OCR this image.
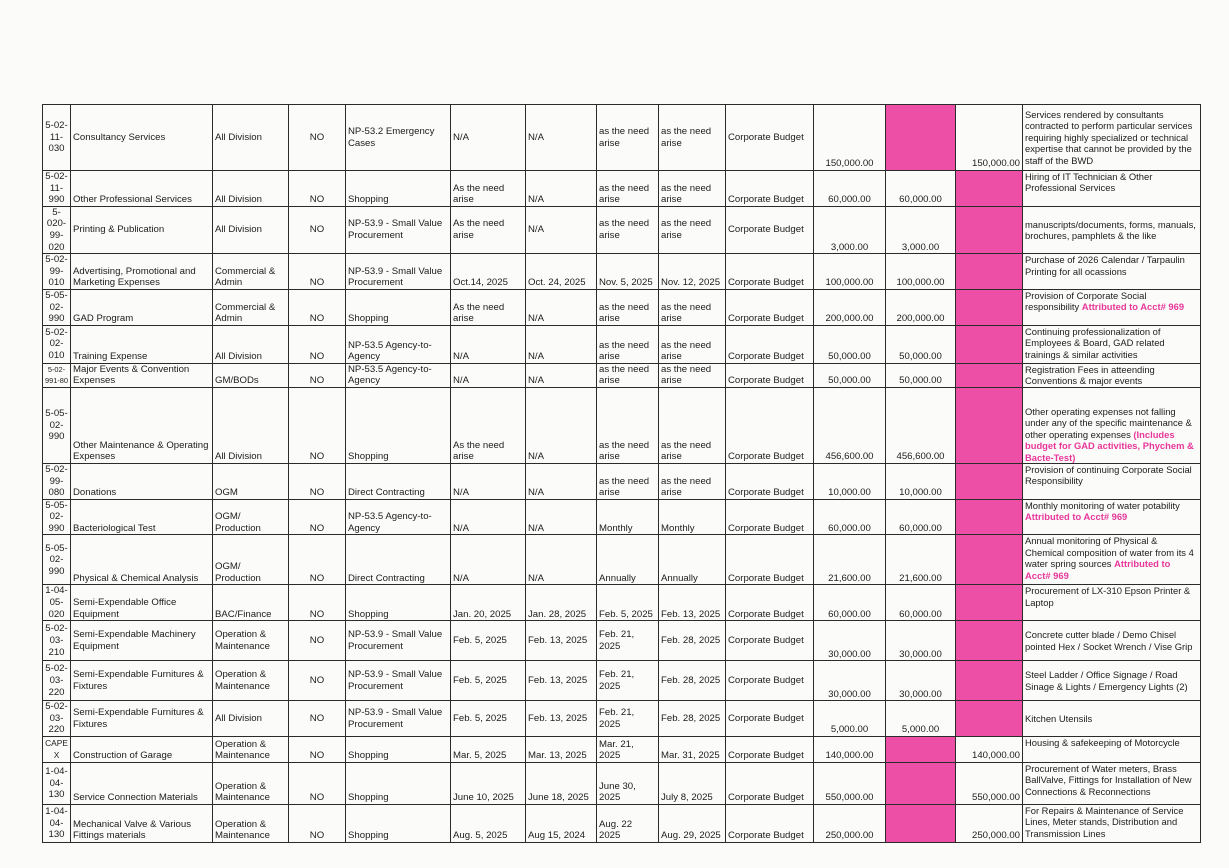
5-02-11-030	Consultancy Services	All Division	NO	NP-53.2 Emergency Cases	N/A	N/A	as the need arise	as the need arise	Corporate Budget	150,000.00		150,000.00	Services rendered by consultants contracted to perform particular services requiring highly specialized or technical expertise that cannot be provided by the staff of the BWD
5-02-11-990	Other Professional Services	All Division	NO	Shopping	As the need arise	N/A	as the need arise	as the need arise	Corporate Budget	60,000.00	60,000.00		Hiring of IT Technician & Other Professional Services
5-020-99-020	Printing & Publication	All Division	NO	NP-53.9 - Small Value Procurement	As the need arise	N/A	as the need arise	as the need arise	Corporate Budget	3,000.00	3,000.00		manuscripts/documents, forms, manuals, brochures, pamphlets & the like
5-02-99-010	Advertising, Promotional and Marketing Expenses	Commercial & Admin	NO	NP-53.9 - Small Value Procurement	Oct.14, 2025	Oct. 24, 2025	Nov. 5, 2025	Nov. 12, 2025	Corporate Budget	100,000.00	100,000.00		Purchase of 2026 Calendar / Tarpaulin Printing for all ocassions
5-05-02-990	GAD Program	Commercial & Admin	NO	Shopping	As the need arise	N/A	as the need arise	as the need arise	Corporate Budget	200,000.00	200,000.00		Provision of Corporate Social responsibility Attributed to Acct# 969
5-02-02-010	Training Expense	All Division	NO	NP-53.5 Agency-to-Agency	N/A	N/A	as the need arise	as the need arise	Corporate Budget	50,000.00	50,000.00		Continuing professionalization of Employees & Board, GAD related trainings & similar activities
5-02-991-80	Major Events & Convention Expenses	GM/BODs	NO	NP-53.5 Agency-to-Agency	N/A	N/A	as the need arise	as the need arise	Corporate Budget	50,000.00	50,000.00		Registration Fees in atteending Conventions & major events
5-05-02-990	Other Maintenance & Operating Expenses	All Division	NO	Shopping	As the need arise	N/A	as the need arise	as the need arise	Corporate Budget	456,600.00	456,600.00		Other operating expenses not falling under any of the specific maintenance & other operating expenses (Includes budget for GAD activities, Phychem & Bacte-Test)
5-02-99-080	Donations	OGM	NO	Direct Contracting	N/A	N/A	as the need arise	as the need arise	Corporate Budget	10,000.00	10,000.00		Provision of continuing Corporate Social Responsibility
5-05-02-990	Bacteriological Test	OGM/ Production	NO	NP-53.5 Agency-to-Agency	N/A	N/A	Monthly	Monthly	Corporate Budget	60,000.00	60,000.00		Monthly monitoring of water potability Attributed to Acct# 969
5-05-02-990	Physical & Chemical Analysis	OGM/ Production	NO	Direct Contracting	N/A	N/A	Annually	Annually	Corporate Budget	21,600.00	21,600.00		Annual monitoring of Physical & Chemical composition of water from its 4 water spring sources Attributed to Acct# 969
1-04-05-020	Semi-Expendable Office Equipment	BAC/Finance	NO	Shopping	Jan. 20, 2025	Jan. 28, 2025	Feb. 5, 2025	Feb. 13, 2025	Corporate Budget	60,000.00	60,000.00		Procurement of LX-310 Epson Printer & Laptop
5-02-03-210	Semi-Expendable Machinery Equipment	Operation & Maintenance	NO	NP-53.9 - Small Value Procurement	Feb. 5, 2025	Feb. 13, 2025	Feb. 21, 2025	Feb. 28, 2025	Corporate Budget	30,000.00	30,000.00		Concrete cutter blade / Demo Chisel pointed Hex / Socket Wrench / Vise Grip
5-02-03-220	Semi-Expendable Furnitures & Fixtures	Operation & Maintenance	NO	NP-53.9 - Small Value Procurement	Feb. 5, 2025	Feb. 13, 2025	Feb. 21, 2025	Feb. 28, 2025	Corporate Budget	30,000.00	30,000.00		Steel Ladder / Office Signage / Road Sinage & Lights / Emergency Lights (2)
5-02-03-220	Semi-Expendable Furnitures & Fixtures	All Division	NO	NP-53.9 - Small Value Procurement	Feb. 5, 2025	Feb. 13, 2025	Feb. 21, 2025	Feb. 28, 2025	Corporate Budget	5,000.00	5,000.00		Kitchen Utensils
CAPEX	Construction of Garage	Operation & Maintenance	NO	Shopping	Mar. 5, 2025	Mar. 13, 2025	Mar. 21, 2025	Mar. 31, 2025	Corporate Budget	140,000.00		140,000.00	Housing & safekeeping of Motorcycle
1-04-04-130	Service Connection Materials	Operation & Maintenance	NO	Shopping	June 10, 2025	June 18, 2025	June 30, 2025	July 8, 2025	Corporate Budget	550,000.00		550,000.00	Procurement of Water meters, Brass BallValve, Fittings for Installation of New Connections & Reconnections
1-04-04-130	Mechanical Valve & Various Fittings materials	Operation & Maintenance	NO	Shopping	Aug. 5, 2025	Aug 15, 2024	Aug. 22 2025	Aug. 29, 2025	Corporate Budget	250,000.00		250,000.00	For Repairs & Maintenance of Service Lines, Meter stands, Distribution and Transmission Lines
